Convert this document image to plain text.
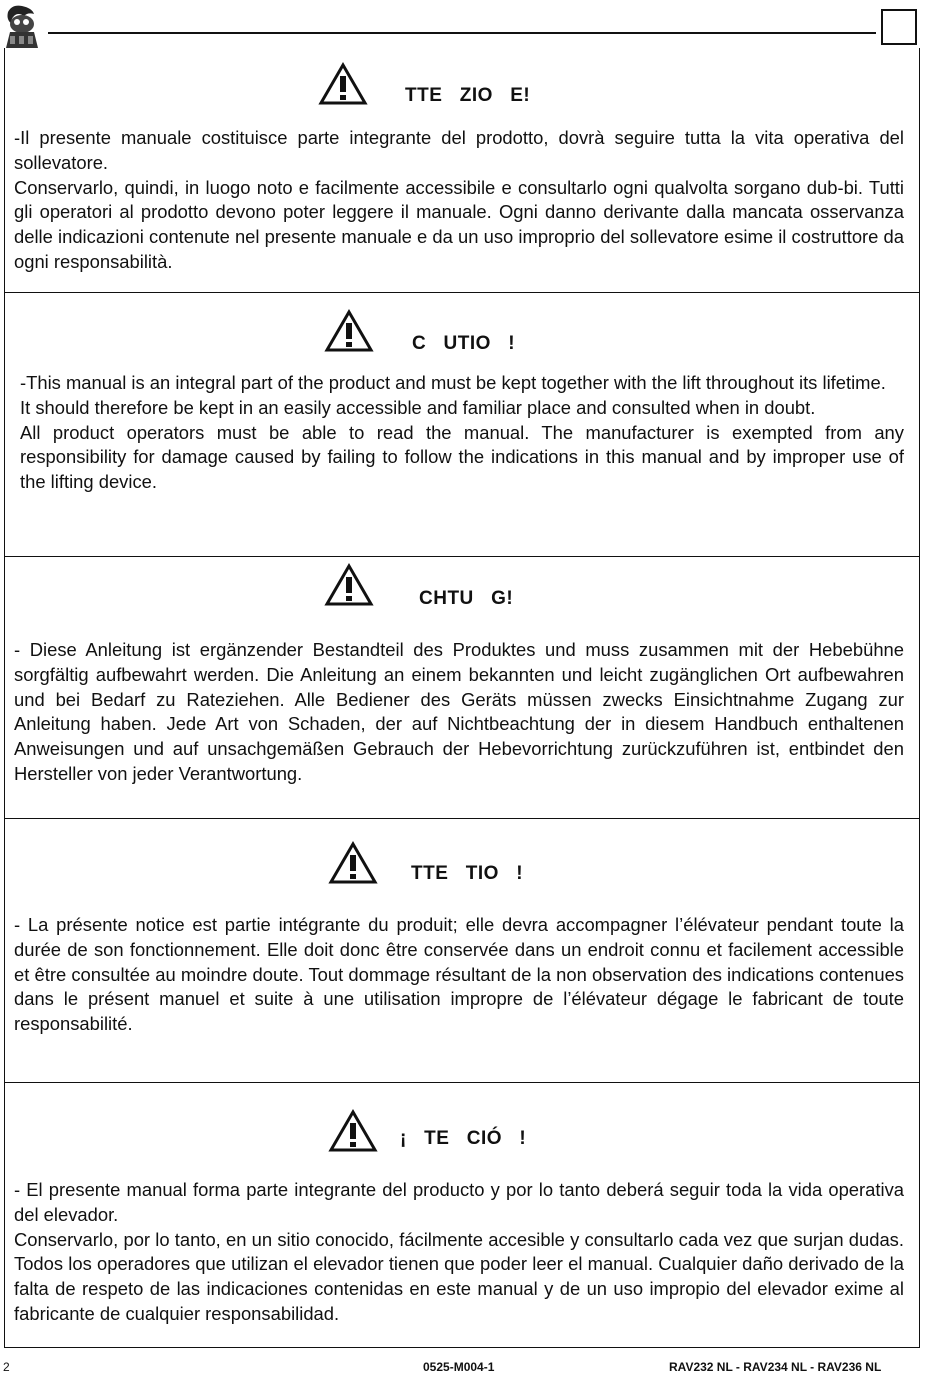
TTE   ZIO   E!
-Il presente manuale costituisce parte integrante del prodotto, dovrà seguire tutta la vita operativa del sollevatore.
Conservarlo, quindi, in luogo noto e facilmente accessibile e consultarlo ogni qualvolta sorgano dub-bi. Tutti gli operatori al prodotto devono poter leggere il manuale. Ogni danno derivante dalla mancata osservanza delle indicazioni contenute nel presente manuale e da un uso improprio del sollevatore esime il costruttore da ogni responsabilità.
C   UTIO   !
-This manual is an integral part of the product and must be kept together with the lift throughout its lifetime.
It should therefore be kept in an easily accessible and familiar place and consulted when in doubt.
All product operators must be able to read the manual. The manufacturer is exempted from any responsibility for damage caused by failing to follow the indications in this manual and by improper use of the lifting device.
CHTU   G!
- Diese Anleitung ist ergänzender Bestandteil des Produktes und muss zusammen mit der Hebebühne sorgfältig aufbewahrt werden. Die Anleitung an einem bekannten und leicht zugänglichen Ort aufbewahren und bei Bedarf zu Rateziehen. Alle Bediener des Geräts müssen zwecks Einsichtnahme Zugang zur Anleitung haben. Jede Art von Schaden, der auf Nichtbeachtung der in diesem Handbuch enthaltenen Anweisungen und auf unsachgemäßen Gebrauch der Hebevorrichtung zurückzuführen ist, entbindet den Hersteller von jeder Verantwortung.
TTE   TIO   !
- La présente notice est partie intégrante du produit; elle devra accompagner l’élévateur pendant toute la durée de son fonctionnement. Elle doit donc être conservée dans un endroit connu et facilement accessible et être consultée au moindre doute. Tout dommage résultant de la non observation des indications contenues dans le présent manuel et suite à une utilisation impropre de l’élévateur dégage le fabricant de toute responsabilité.
¡   TE   CIÓ   !
- El presente manual forma parte integrante del producto y por lo tanto deberá seguir toda la vida operativa del elevador.
Conservarlo, por lo tanto, en un sitio conocido, fácilmente accesible y consultarlo cada vez que surjan dudas. Todos los operadores que utilizan el elevador tienen que poder leer el manual. Cualquier daño derivado de la falta de respeto de las indicaciones contenidas en este manual y de un uso impropio del elevador exime al fabricante de cualquier responsabilidad.
2	0525-M004-1	RAV232 NL - RAV234 NL - RAV236 NL
